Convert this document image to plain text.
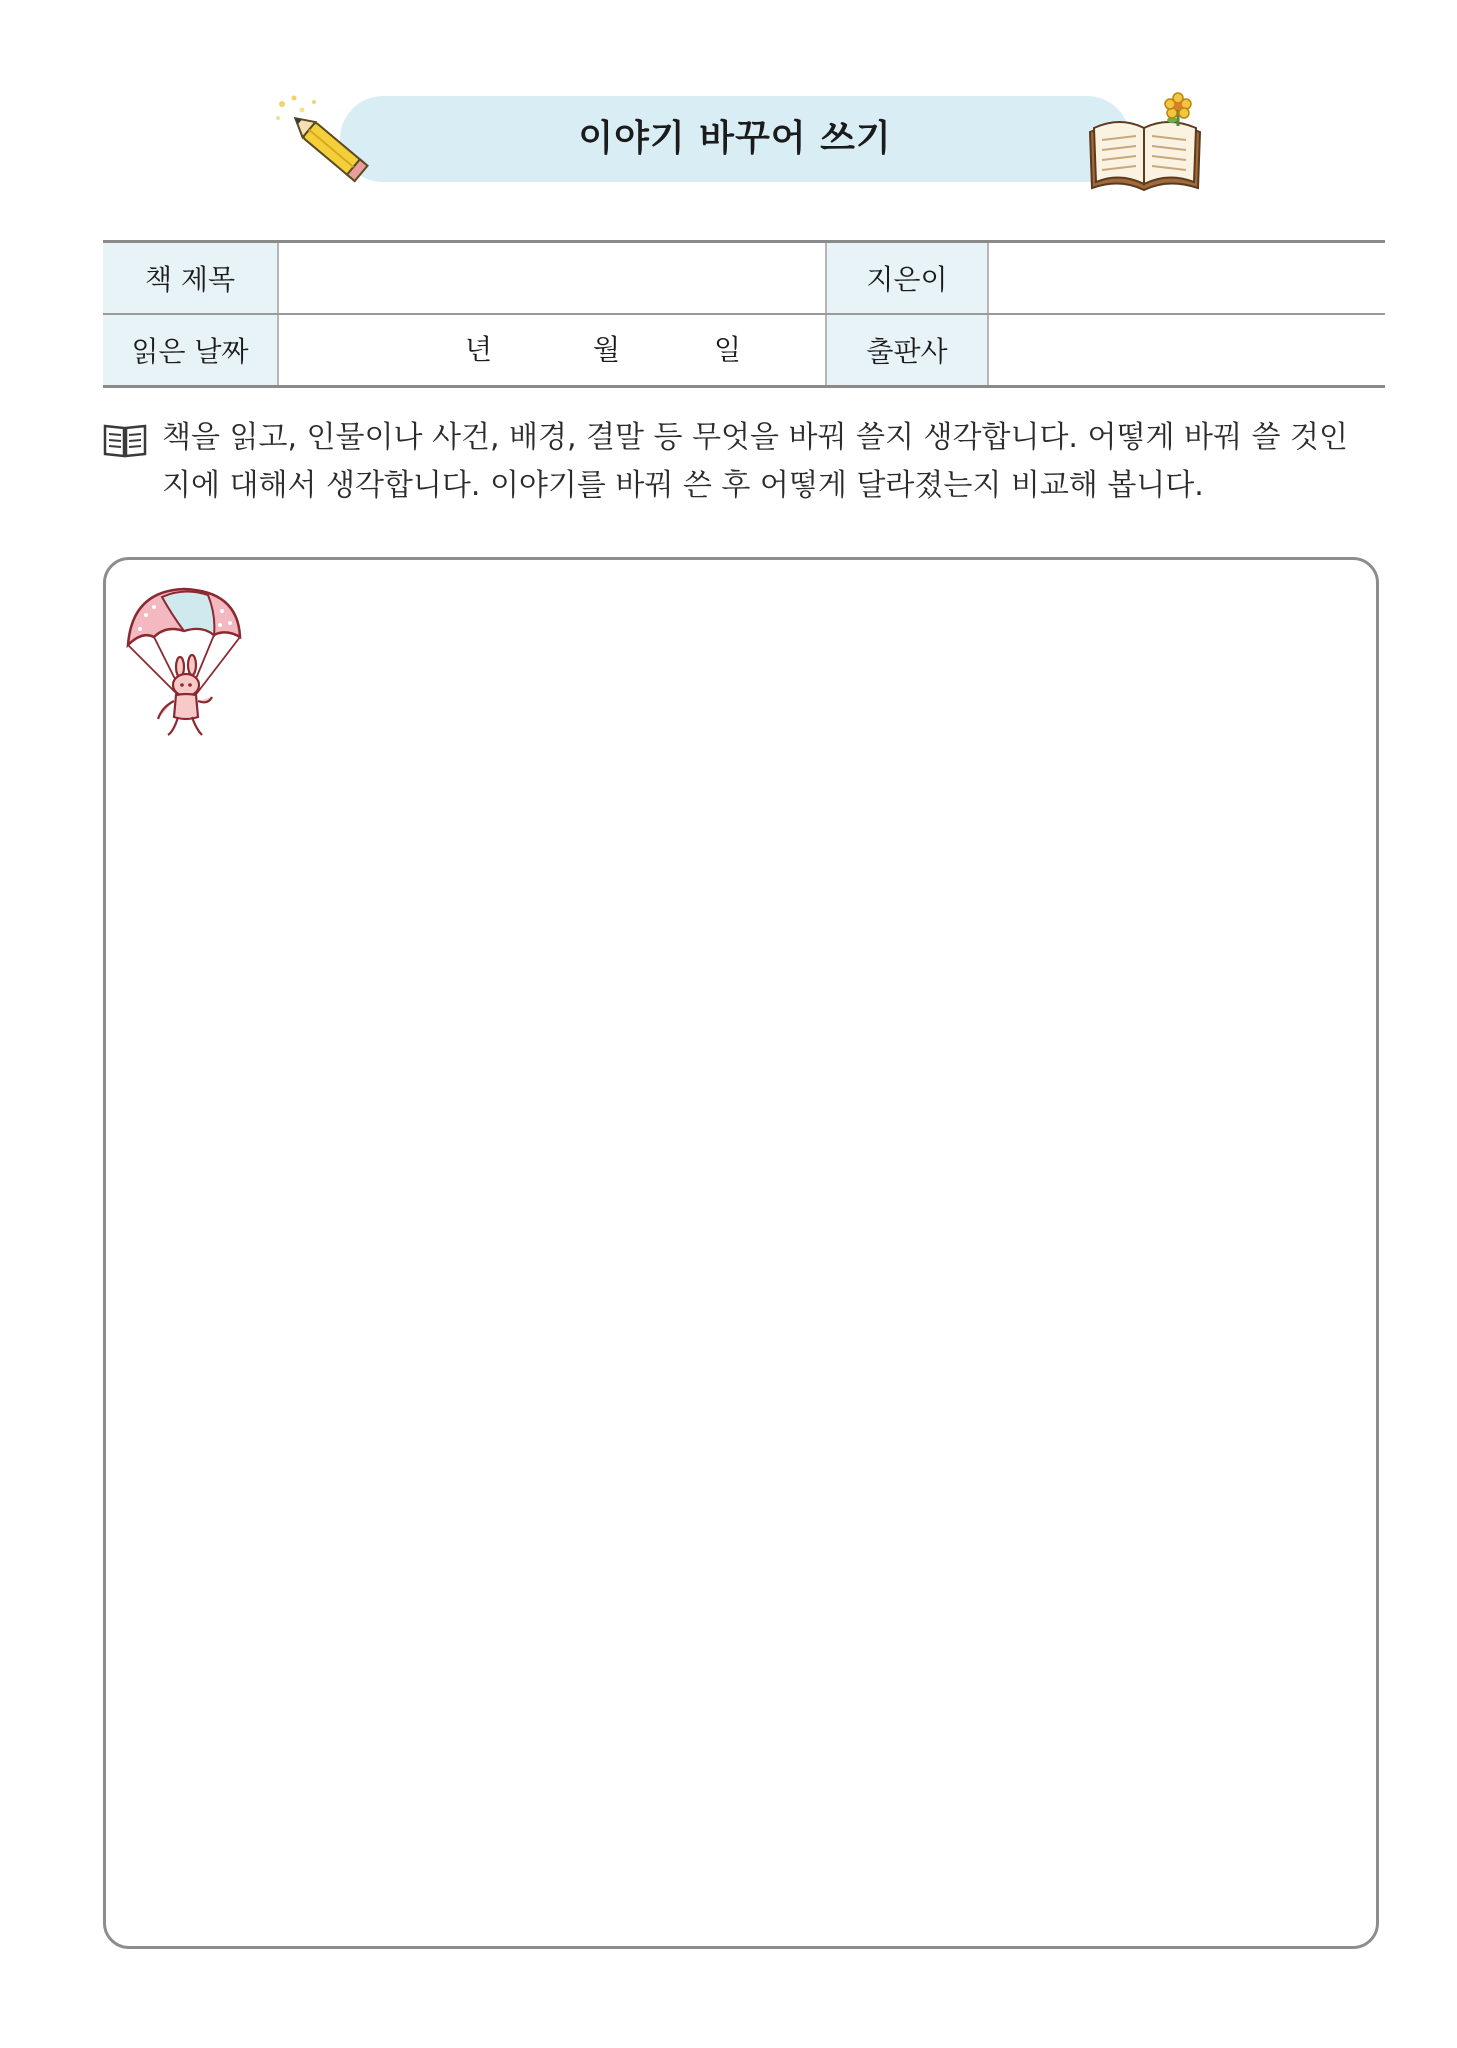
이야기 바꾸어 쓰기
책 제목		지은이	
읽은 날짜	년 월 일	출판사	

책을 읽고, 인물이나 사건, 배경, 결말 등 무엇을 바꿔 쓸지 생각합니다. 어떻게 바꿔 쓸 것인지에 대해서 생각합니다. 이야기를 바꿔 쓴 후 어떻게 달라졌는지 비교해 봅니다.
